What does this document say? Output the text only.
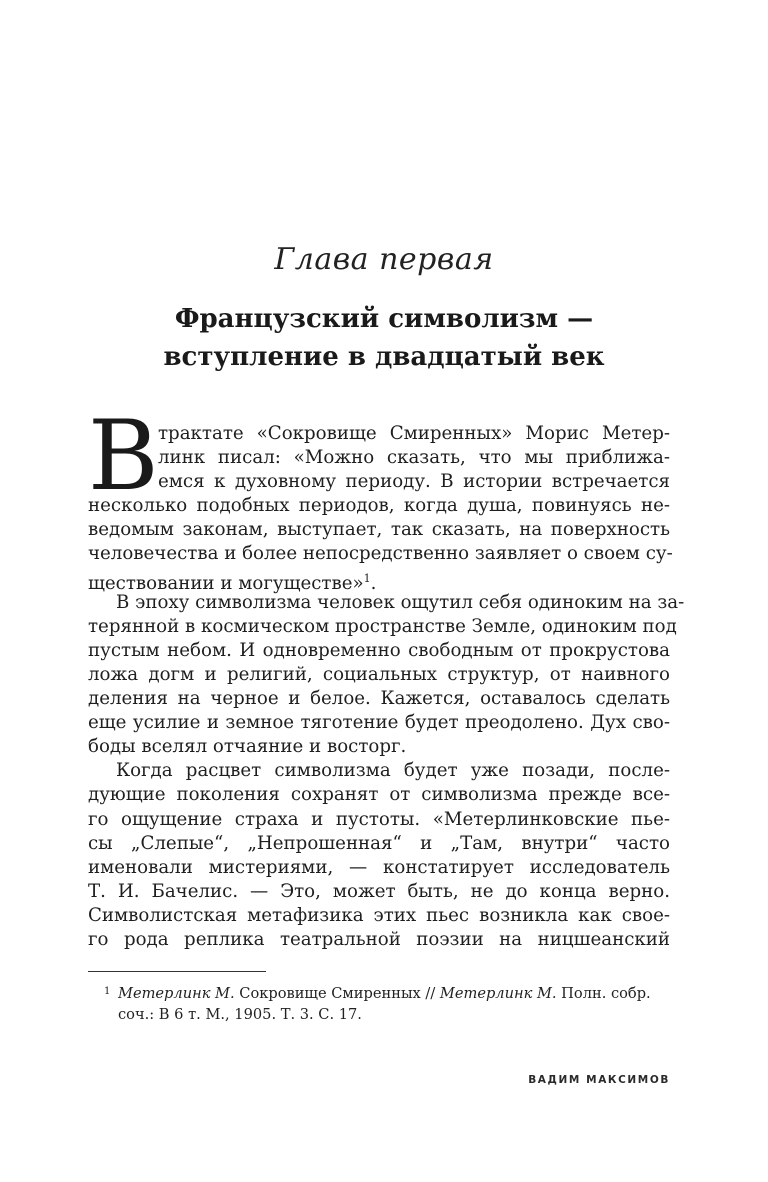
Глава первая
Французский символизм —
вступление в двадцатый век
В трактате «Сокровище Смиренных» Морис Метер-
линк писал: «Можно сказать, что мы приближа-
емся к духовному периоду. В истории встречается
несколько подобных периодов, когда душа, повинуясь не-
ведомым законам, выступает, так сказать, на поверхность
человечества и более непосредственно заявляет о своем су-
ществовании и могуществе»$^1$.
В эпоху символизма человек ощутил себя одиноким на за-
терянной в космическом пространстве Земле, одиноким под
пустым небом. И одновременно свободным от прокрустова
ложа догм и религий, социальных структур, от наивного
деления на черное и белое. Кажется, оставалось сделать
еще усилие и земное тяготение будет преодолено. Дух сво-
боды вселял отчаяние и восторг.
Когда расцвет символизма будет уже позади, после-
дующие поколения сохранят от символизма прежде все-
го ощущение страха и пустоты. «Метерлинковские пье-
сы „Слепые“, „Непрошенная“ и „Там, внутри“ часто
именовали мистериями, — констатирует исследователь
Т. И. Бачелис. — Это, может быть, не до конца верно.
Символистская метафизика этих пьес возникла как свое-
го рода реплика театральной поэзии на ницшеанский
1 Метерлинк М. Сокровище Смиренных // Метерлинк М. Полн. собр.
соч.: В 6 т. М., 1905. Т. 3. С. 17.
ВАДИМ МАКСИМОВ
